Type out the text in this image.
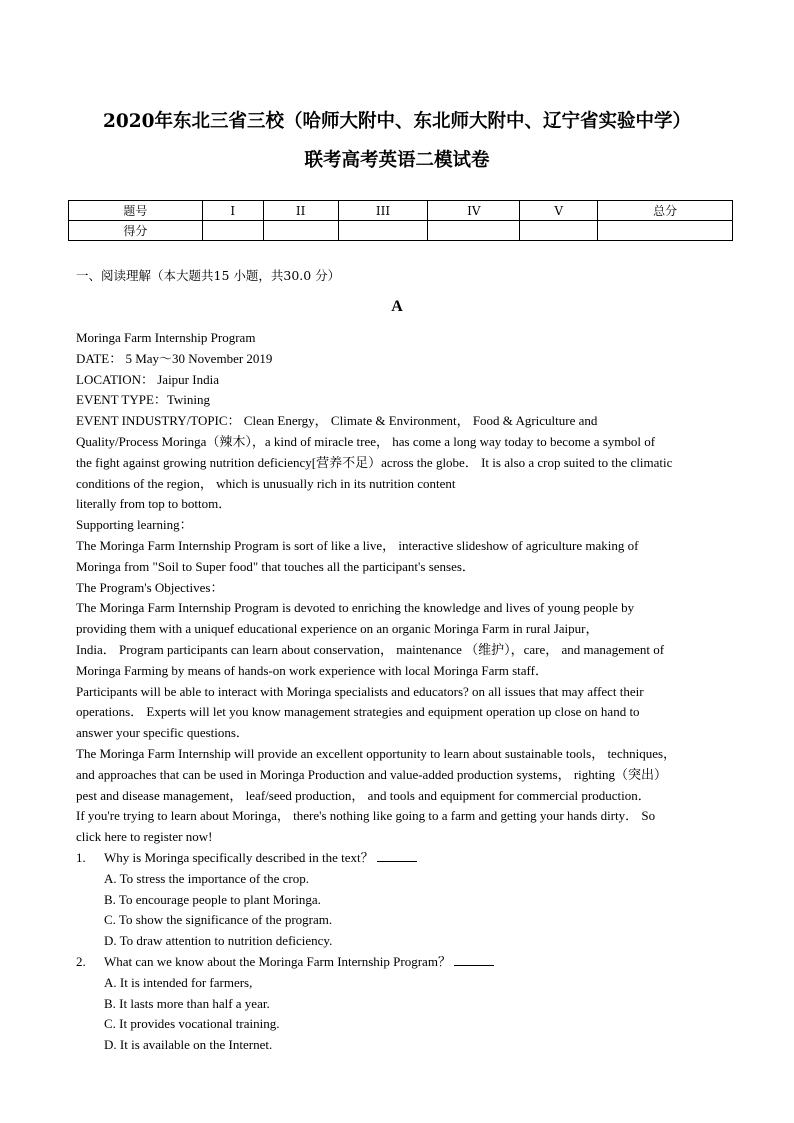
2020年东北三省三校（哈师大附中、东北师大附中、辽宁省实验中学）
联考高考英语二模试卷
题号	I	II	III	IV	V	总分
得分						
一、阅读理解（本大题共15 小题，共30.0 分）
A
Moringa Farm Internship Program
DATE： 5 May～30 November 2019
LOCATION： Jaipur India
EVENT TYPE：Twining
EVENT INDUSTRY/TOPIC： Clean Energy， Climate & Environment， Food & Agriculture and
Quality/Process Moringa（辣木），a kind of miracle tree， has come a long way today to become a symbol of
the fight against growing nutrition deficiency[营养不足）across the globe． It is also a crop suited to the climatic
conditions of the region， which is unusually rich in its nutrition content
literally from top to bottom．
Supporting learning：
The Moringa Farm Internship Program is sort of like a live， interactive slideshow of agriculture making of
Moringa from "Soil to Super food" that touches all the participant's senses．
The Program's Objectives：
The Moringa Farm Internship Program is devoted to enriching the knowledge and lives of young people by
providing them with a uniquef educational experience on an organic Moringa Farm in rural Jaipur，
India． Program participants can learn about conservation， maintenance （维护），care， and management of
Moringa Farming by means of hands-on work experience with local Moringa Farm staff．
Participants will be able to interact with Moringa specialists and educators? on all issues that may affect their
operations． Experts will let you know management strategies and equipment operation up close on hand to
answer your specific questions．
The Moringa Farm Internship will provide an excellent opportunity to learn about sustainable tools， techniques，
and approaches that can be used in Moringa Production and value-added production systems， righting（突出）
pest and disease management， leaf/seed production， and tools and equipment for commercial production．
If you're trying to learn about Moringa， there's nothing like going to a farm and getting your hands dirty． So
click here to register now!
1. Why is Moringa specifically described in the text？
A. To stress the importance of the crop.
B. To encourage people to plant Moringa.
C. To show the significance of the program.
D. To draw attention to nutrition deficiency.
2. What can we know about the Moringa Farm Internship Program？
A. It is intended for farmers,
B. It lasts more than half a year.
C. It provides vocational training.
D. It is available on the Internet.
